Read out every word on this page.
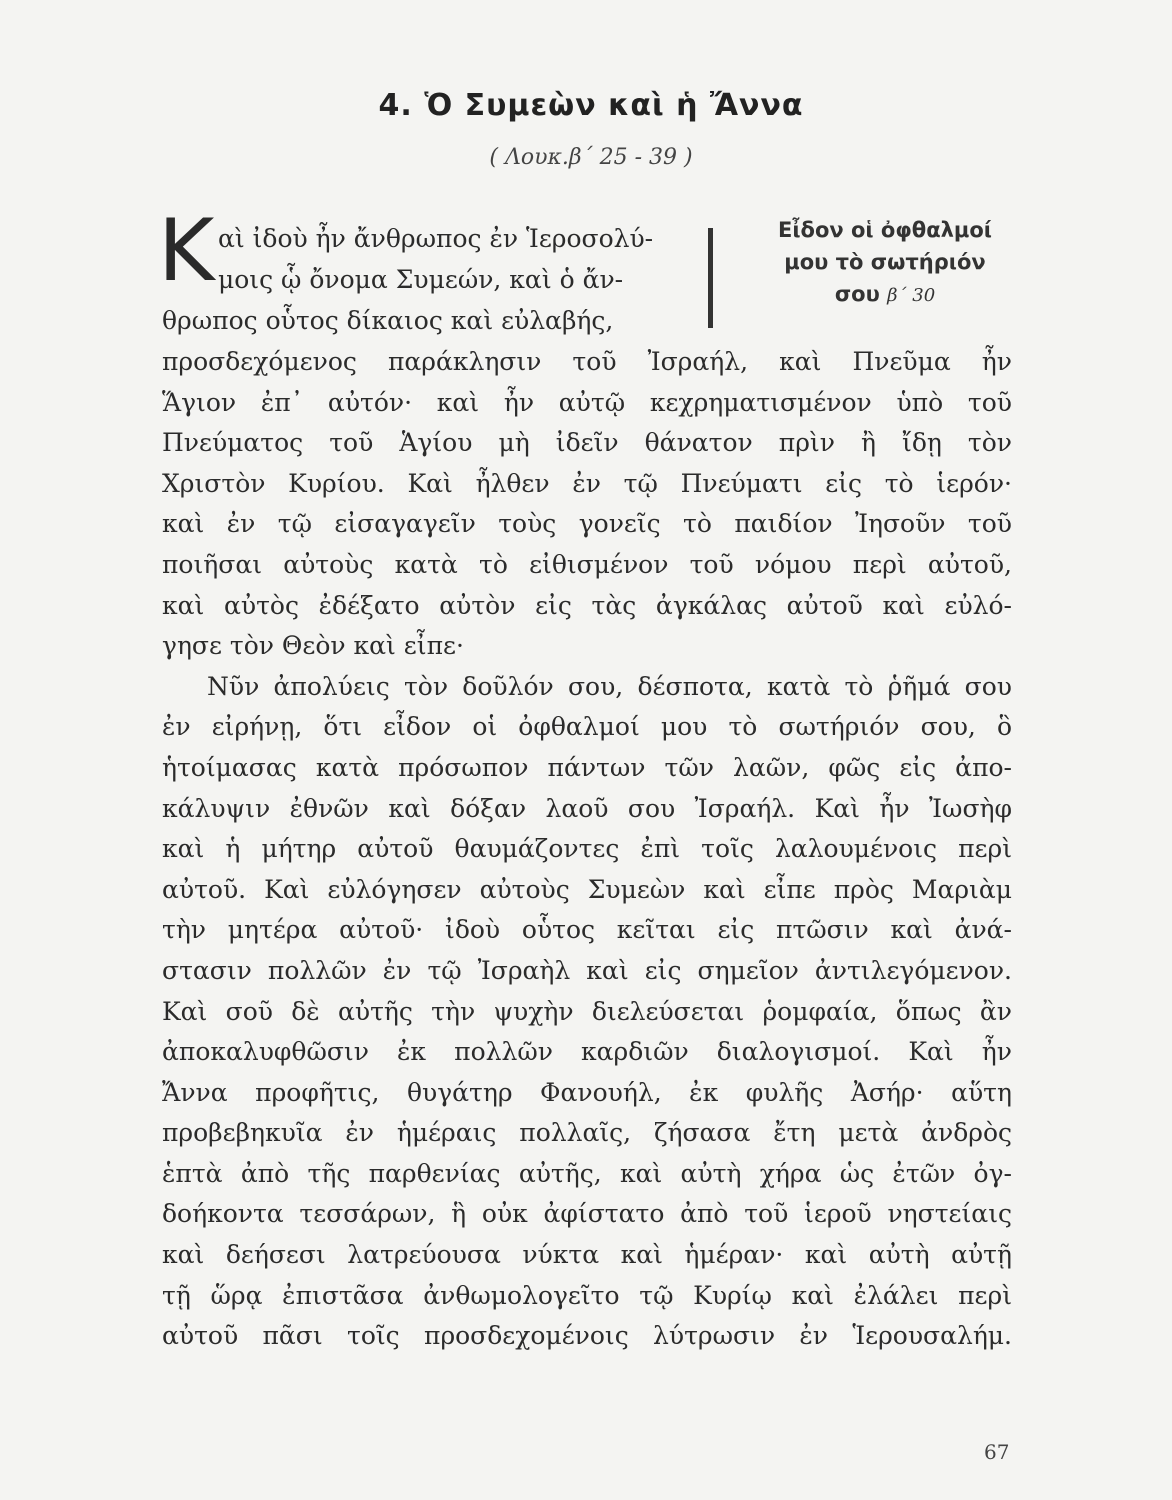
4. Ὁ Συμεὼν καὶ ἡ Ἄννα
( Λουκ.β΄ 25 - 39 )
Κ αὶ ἰδοὺ ἦν ἄνθρωπος ἐν Ἱεροσολύ-
μοις ᾧ ὄνομα Συμεών, καὶ ὁ ἄν-
θρωπος οὗτος δίκαιος καὶ εὐλαβής,
Εἶδον οἱ ὀφθαλμοί
μου τὸ σωτήριόν
σου β΄ 30
προσδεχόμενος παράκλησιν τοῦ Ἰσραήλ, καὶ Πνεῦμα ἦν
Ἅγιον ἐπ᾽ αὐτόν· καὶ ἦν αὐτῷ κεχρηματισμένον ὑπὸ τοῦ
Πνεύματος τοῦ Ἁγίου μὴ ἰδεῖν θάνατον πρὶν ἢ ἴδῃ τὸν
Χριστὸν Κυρίου. Καὶ ἦλθεν ἐν τῷ Πνεύματι εἰς τὸ ἱερόν·
καὶ ἐν τῷ εἰσαγαγεῖν τοὺς γονεῖς τὸ παιδίον Ἰησοῦν τοῦ
ποιῆσαι αὐτοὺς κατὰ τὸ εἰθισμένον τοῦ νόμου περὶ αὐτοῦ,
καὶ αὐτὸς ἐδέξατο αὐτὸν εἰς τὰς ἀγκάλας αὐτοῦ καὶ εὐλό-
γησε τὸν Θεὸν καὶ εἶπε·
Νῦν ἀπολύεις τὸν δοῦλόν σου, δέσποτα, κατὰ τὸ ῥῆμά σου
ἐν εἰρήνῃ, ὅτι εἶδον οἱ ὀφθαλμοί μου τὸ σωτήριόν σου, ὃ
ἡτοίμασας κατὰ πρόσωπον πάντων τῶν λαῶν, φῶς εἰς ἀπο-
κάλυψιν ἐθνῶν καὶ δόξαν λαοῦ σου Ἰσραήλ. Καὶ ἦν Ἰωσὴφ
καὶ ἡ μήτηρ αὐτοῦ θαυμάζοντες ἐπὶ τοῖς λαλουμένοις περὶ
αὐτοῦ. Καὶ εὐλόγησεν αὐτοὺς Συμεὼν καὶ εἶπε πρὸς Μαριὰμ
τὴν μητέρα αὐτοῦ· ἰδοὺ οὗτος κεῖται εἰς πτῶσιν καὶ ἀνά-
στασιν πολλῶν ἐν τῷ Ἰσραὴλ καὶ εἰς σημεῖον ἀντιλεγόμενον.
Καὶ σοῦ δὲ αὐτῆς τὴν ψυχὴν διελεύσεται ῥομφαία, ὅπως ἂν
ἀποκαλυφθῶσιν ἐκ πολλῶν καρδιῶν διαλογισμοί. Καὶ ἦν
Ἄννα προφῆτις, θυγάτηρ Φανουήλ, ἐκ φυλῆς Ἀσήρ· αὕτη
προβεβηκυῖα ἐν ἡμέραις πολλαῖς, ζήσασα ἔτη μετὰ ἀνδρὸς
ἑπτὰ ἀπὸ τῆς παρθενίας αὐτῆς, καὶ αὐτὴ χήρα ὡς ἐτῶν ὀγ-
δοήκοντα τεσσάρων, ἣ οὐκ ἀφίστατο ἀπὸ τοῦ ἱεροῦ νηστείαις
καὶ δεήσεσι λατρεύουσα νύκτα καὶ ἡμέραν· καὶ αὐτὴ αὐτῇ
τῇ ὥρᾳ ἐπιστᾶσα ἀνθωμολογεῖτο τῷ Κυρίῳ καὶ ἐλάλει περὶ
αὐτοῦ πᾶσι τοῖς προσδεχομένοις λύτρωσιν ἐν Ἱερουσαλήμ.
67
